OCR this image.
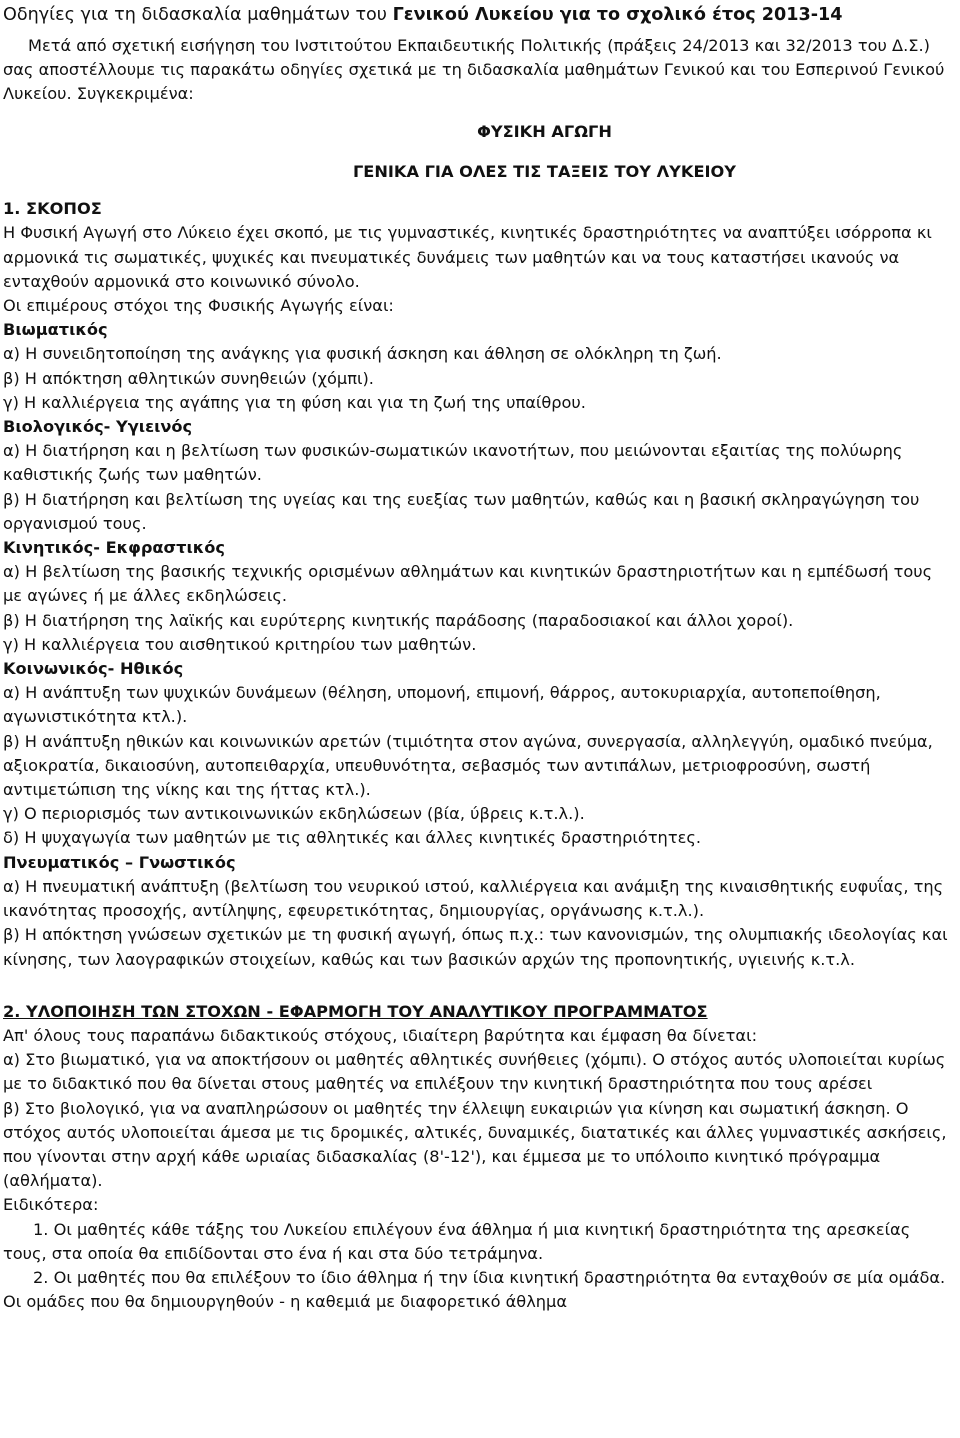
Οδηγίες για τη διδασκαλία μαθημάτων του Γενικού Λυκείου για το σχολικό έτος 2013-14

Μετά από σχετική εισήγηση του Ινστιτούτου Εκπαιδευτικής Πολιτικής (πράξεις 24/2013 και 32/2013 του Δ.Σ.) σας αποστέλλουμε τις παρακάτω οδηγίες σχετικά με τη διδασκαλία μαθημάτων Γενικού και του Εσπερινού Γενικού Λυκείου. Συγκεκριμένα:

ΦΥΣΙΚΗ ΑΓΩΓΗ

ΓΕΝΙΚΑ ΓΙΑ ΟΛΕΣ ΤΙΣ ΤΑΞΕΙΣ ΤΟΥ ΛΥΚΕΙΟΥ

1. ΣΚΟΠΟΣ

Η Φυσική Αγωγή στο Λύκειο έχει σκοπό, με τις γυμναστικές, κινητικές δραστηριότητες να αναπτύξει ισόρροπα κι αρμονικά τις σωματικές, ψυχικές και πνευματικές δυνάμεις των μαθητών και να τους καταστήσει ικανούς να ενταχθούν αρμονικά στο κοινωνικό σύνολο.

Οι επιμέρους στόχοι της Φυσικής Αγωγής είναι:

Βιωματικός

α) Η συνειδητοποίηση της ανάγκης για φυσική άσκηση και άθληση σε ολόκληρη τη ζωή.

β) Η απόκτηση αθλητικών συνηθειών (χόμπι).

γ) Η καλλιέργεια της αγάπης για τη φύση και για τη ζωή της υπαίθρου.

Βιολογικός- Υγιεινός

α) Η διατήρηση και η βελτίωση των φυσικών-σωματικών ικανοτήτων, που μειώνονται εξαιτίας της πολύωρης καθιστικής ζωής των μαθητών.

β) Η διατήρηση και βελτίωση της υγείας και της ευεξίας των μαθητών, καθώς και η βασική σκληραγώγηση του οργανισμού τους.

Κινητικός- Εκφραστικός

α) Η βελτίωση της βασικής τεχνικής ορισμένων αθλημάτων και κινητικών δραστηριοτήτων και η εμπέδωσή τους με αγώνες ή με άλλες εκδηλώσεις.

β) Η διατήρηση της λαϊκής και ευρύτερης κινητικής παράδοσης (παραδοσιακοί και άλλοι χοροί).

γ) Η καλλιέργεια του αισθητικού κριτηρίου των μαθητών.

Κοινωνικός- Ηθικός

α) Η ανάπτυξη των ψυχικών δυνάμεων (θέληση, υπομονή, επιμονή, θάρρος, αυτοκυριαρχία, αυτοπεποίθηση, αγωνιστικότητα κτλ.).

β) Η ανάπτυξη ηθικών και κοινωνικών αρετών (τιμιότητα στον αγώνα, συνεργασία, αλληλεγγύη, ομαδικό πνεύμα, αξιοκρατία, δικαιοσύνη, αυτοπειθαρχία, υπευθυνότητα, σεβασμός των αντιπάλων, μετριοφροσύνη, σωστή αντιμετώπιση της νίκης και της ήττας κτλ.).

γ) Ο περιορισμός των αντικοινωνικών εκδηλώσεων (βία, ύβρεις κ.τ.λ.).

δ) Η ψυχαγωγία των μαθητών με τις αθλητικές και άλλες κινητικές δραστηριότητες.

Πνευματικός – Γνωστικός

α) Η πνευματική ανάπτυξη (βελτίωση του νευρικού ιστού, καλλιέργεια και ανάμιξη της κιναισθητικής ευφυΐας, της ικανότητας προσοχής, αντίληψης, εφευρετικότητας, δημιουργίας, οργάνωσης κ.τ.λ.).

β) Η απόκτηση γνώσεων σχετικών με τη φυσική αγωγή, όπως π.χ.: των κανονισμών, της ολυμπιακής ιδεολογίας και κίνησης, των λαογραφικών στοιχείων, καθώς και των βασικών αρχών της προπονητικής, υγιεινής κ.τ.λ.

2. ΥΛΟΠΟΙΗΣΗ ΤΩΝ ΣΤΟΧΩΝ - ΕΦΑΡΜΟΓΗ ΤΟΥ ΑΝΑΛΥΤΙΚΟΥ ΠΡΟΓΡΑΜΜΑΤΟΣ

Απ' όλους τους παραπάνω διδακτικούς στόχους, ιδιαίτερη βαρύτητα και έμφαση θα δίνεται:

α) Στο βιωματικό, για να αποκτήσουν οι μαθητές αθλητικές συνήθειες (χόμπι). Ο στόχος αυτός υλοποιείται κυρίως με το διδακτικό που θα δίνεται στους μαθητές να επιλέξουν την κινητική δραστηριότητα που τους αρέσει

β) Στο βιολογικό, για να αναπληρώσουν οι μαθητές την έλλειψη ευκαιριών για κίνηση και σωματική άσκηση. Ο στόχος αυτός υλοποιείται άμεσα με τις δρομικές, αλτικές, δυναμικές, διατατικές και άλλες γυμναστικές ασκήσεις, που γίνονται στην αρχή κάθε ωριαίας διδασκαλίας (8'-12'), και έμμεσα με το υπόλοιπο κινητικό πρόγραμμα (αθλήματα).

Ειδικότερα:

1. Οι μαθητές κάθε τάξης του Λυκείου επιλέγουν ένα άθλημα ή μια κινητική δραστηριότητα της αρεσκείας τους, στα οποία θα επιδίδονται στο ένα ή και στα δύο τετράμηνα.

2. Οι μαθητές που θα επιλέξουν το ίδιο άθλημα ή την ίδια κινητική δραστηριότητα θα ενταχθούν σε μία ομάδα. Οι ομάδες που θα δημιουργηθούν - η καθεμιά με διαφορετικό άθλημα
